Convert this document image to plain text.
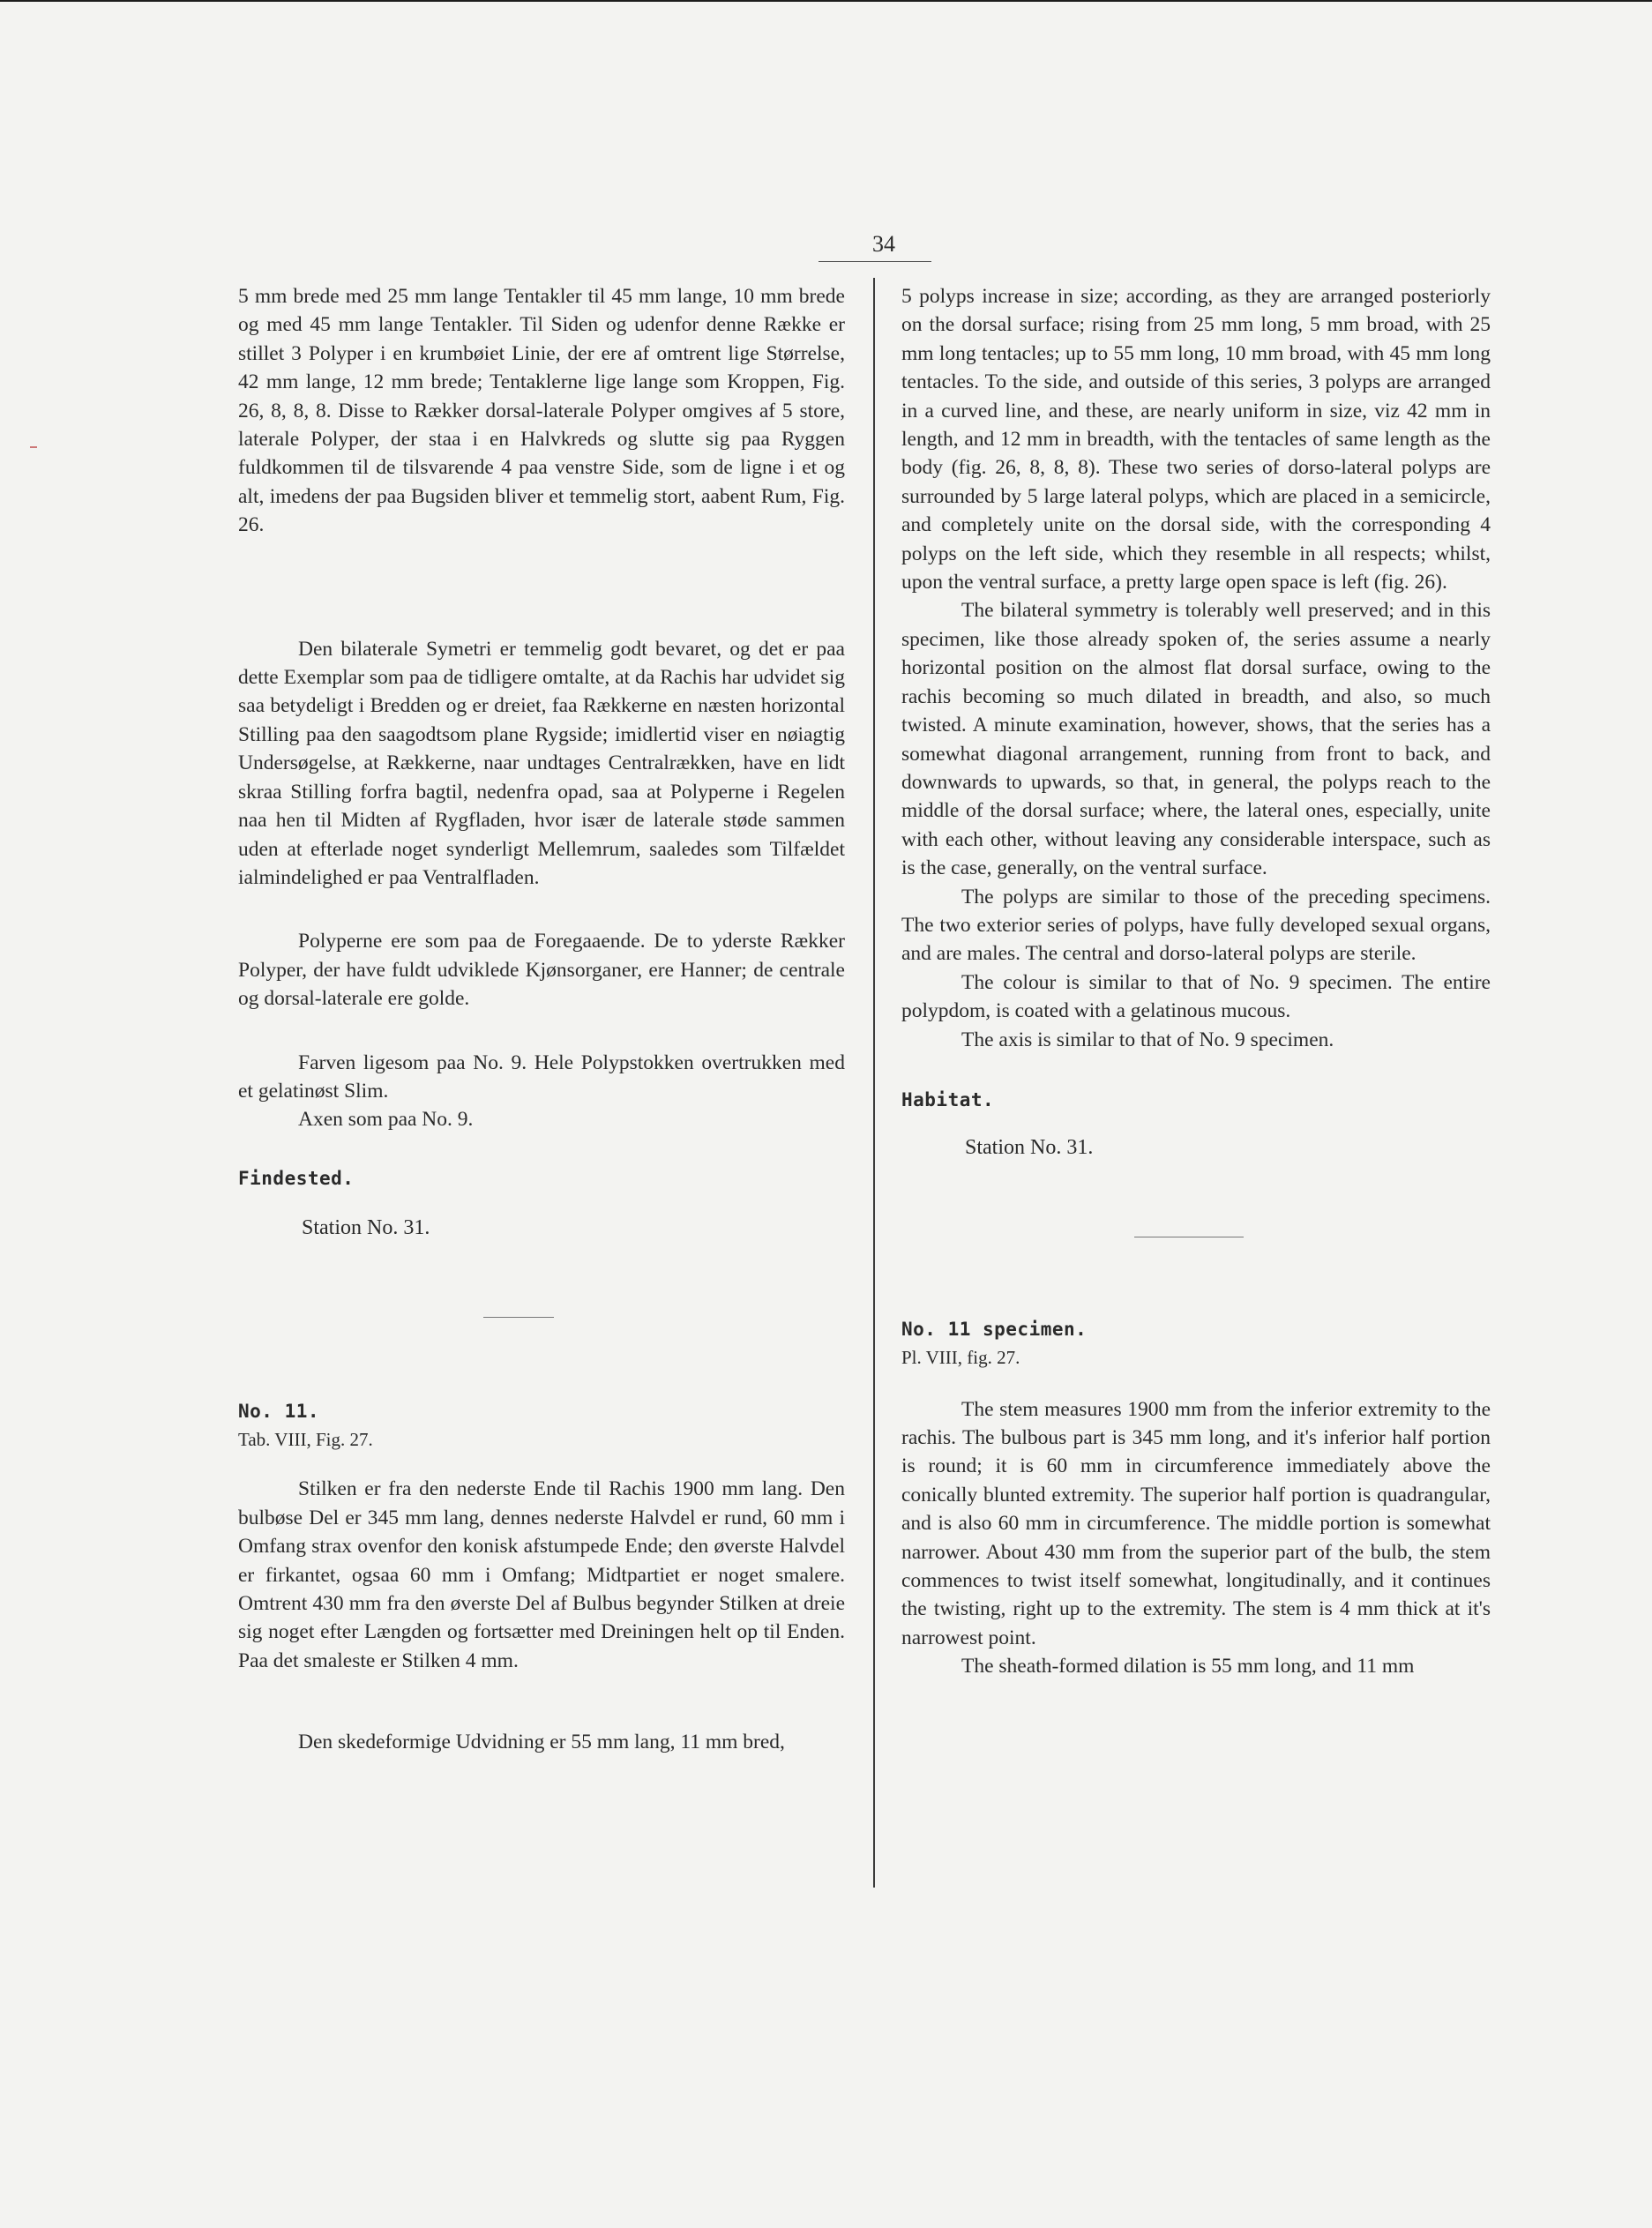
34

5 mm brede med 25 mm lange Tentakler til 45 mm lange, 10 mm brede og med 45 mm lange Tentakler. Til Siden og udenfor denne Række er stillet 3 Polyper i en krumbøiet Linie, der ere af omtrent lige Størrelse, 42 mm lange, 12 mm brede; Tentaklerne lige lange som Kroppen, Fig. 26, 8, 8, 8. Disse to Rækker dorsal-laterale Polyper omgives af 5 store, laterale Polyper, der staa i en Halvkreds og slutte sig paa Ryggen fuldkommen til de tilsvarende 4 paa venstre Side, som de ligne i et og alt, imedens der paa Bugsiden bliver et temmelig stort, aabent Rum, Fig. 26.

Den bilaterale Symetri er temmelig godt bevaret, og det er paa dette Exemplar som paa de tidligere omtalte, at da Rachis har udvidet sig saa betydeligt i Bredden og er dreiet, faa Rækkerne en næsten horizontal Stilling paa den saagodtsom plane Rygside; imidlertid viser en nøiagtig Undersøgelse, at Rækkerne, naar undtages Centralrækken, have en lidt skraa Stilling forfra bagtil, nedenfra opad, saa at Polyperne i Regelen naa hen til Midten af Rygfladen, hvor især de laterale støde sammen uden at efterlade noget synderligt Mellemrum, saaledes som Tilfældet ialmindelighed er paa Ventralfladen.

Polyperne ere som paa de Foregaaende. De to yderste Rækker Polyper, der have fuldt udviklede Kjønsorganer, ere Hanner; de centrale og dorsal-laterale ere golde.

Farven ligesom paa No. 9. Hele Polypstokken overtrukken med et gelatinøst Slim.

Axen som paa No. 9.

Findested.

Station No. 31.

No. 11.

Tab. VIII, Fig. 27.

Stilken er fra den nederste Ende til Rachis 1900 mm lang. Den bulbøse Del er 345 mm lang, dennes nederste Halvdel er rund, 60 mm i Omfang strax ovenfor den konisk afstumpede Ende; den øverste Halvdel er firkantet, ogsaa 60 mm i Omfang; Midtpartiet er noget smalere. Omtrent 430 mm fra den øverste Del af Bulbus begynder Stilken at dreie sig noget efter Længden og fortsætter med Dreiningen helt op til Enden. Paa det smaleste er Stilken 4 mm.

Den skedeformige Udvidning er 55 mm lang, 11 mm bred,

5 polyps increase in size; according, as they are arranged posteriorly on the dorsal surface; rising from 25 mm long, 5 mm broad, with 25 mm long tentacles; up to 55 mm long, 10 mm broad, with 45 mm long tentacles. To the side, and outside of this series, 3 polyps are arranged in a curved line, and these, are nearly uniform in size, viz 42 mm in length, and 12 mm in breadth, with the tentacles of same length as the body (fig. 26, 8, 8, 8). These two series of dorso-lateral polyps are surrounded by 5 large lateral polyps, which are placed in a semicircle, and completely unite on the dorsal side, with the corresponding 4 polyps on the left side, which they resemble in all respects; whilst, upon the ventral surface, a pretty large open space is left (fig. 26).

The bilateral symmetry is tolerably well preserved; and in this specimen, like those already spoken of, the series assume a nearly horizontal position on the almost flat dorsal surface, owing to the rachis becoming so much dilated in breadth, and also, so much twisted. A minute examination, however, shows, that the series has a somewhat diagonal arrangement, running from front to back, and downwards to upwards, so that, in general, the polyps reach to the middle of the dorsal surface; where, the lateral ones, especially, unite with each other, without leaving any considerable interspace, such as is the case, generally, on the ventral surface.

The polyps are similar to those of the preceding specimens. The two exterior series of polyps, have fully developed sexual organs, and are males. The central and dorso-lateral polyps are sterile.

The colour is similar to that of No. 9 specimen. The entire polypdom, is coated with a gelatinous mucous.

The axis is similar to that of No. 9 specimen.

Habitat.

Station No. 31.

No. 11 specimen.

Pl. VIII, fig. 27.

The stem measures 1900 mm from the inferior extremity to the rachis. The bulbous part is 345 mm long, and it's inferior half portion is round; it is 60 mm in circumference immediately above the conically blunted extremity. The superior half portion is quadrangular, and is also 60 mm in circumference. The middle portion is somewhat narrower. About 430 mm from the superior part of the bulb, the stem commences to twist itself somewhat, longitudinally, and it continues the twisting, right up to the extremity. The stem is 4 mm thick at it's narrowest point.

The sheath-formed dilation is 55 mm long, and 11 mm
